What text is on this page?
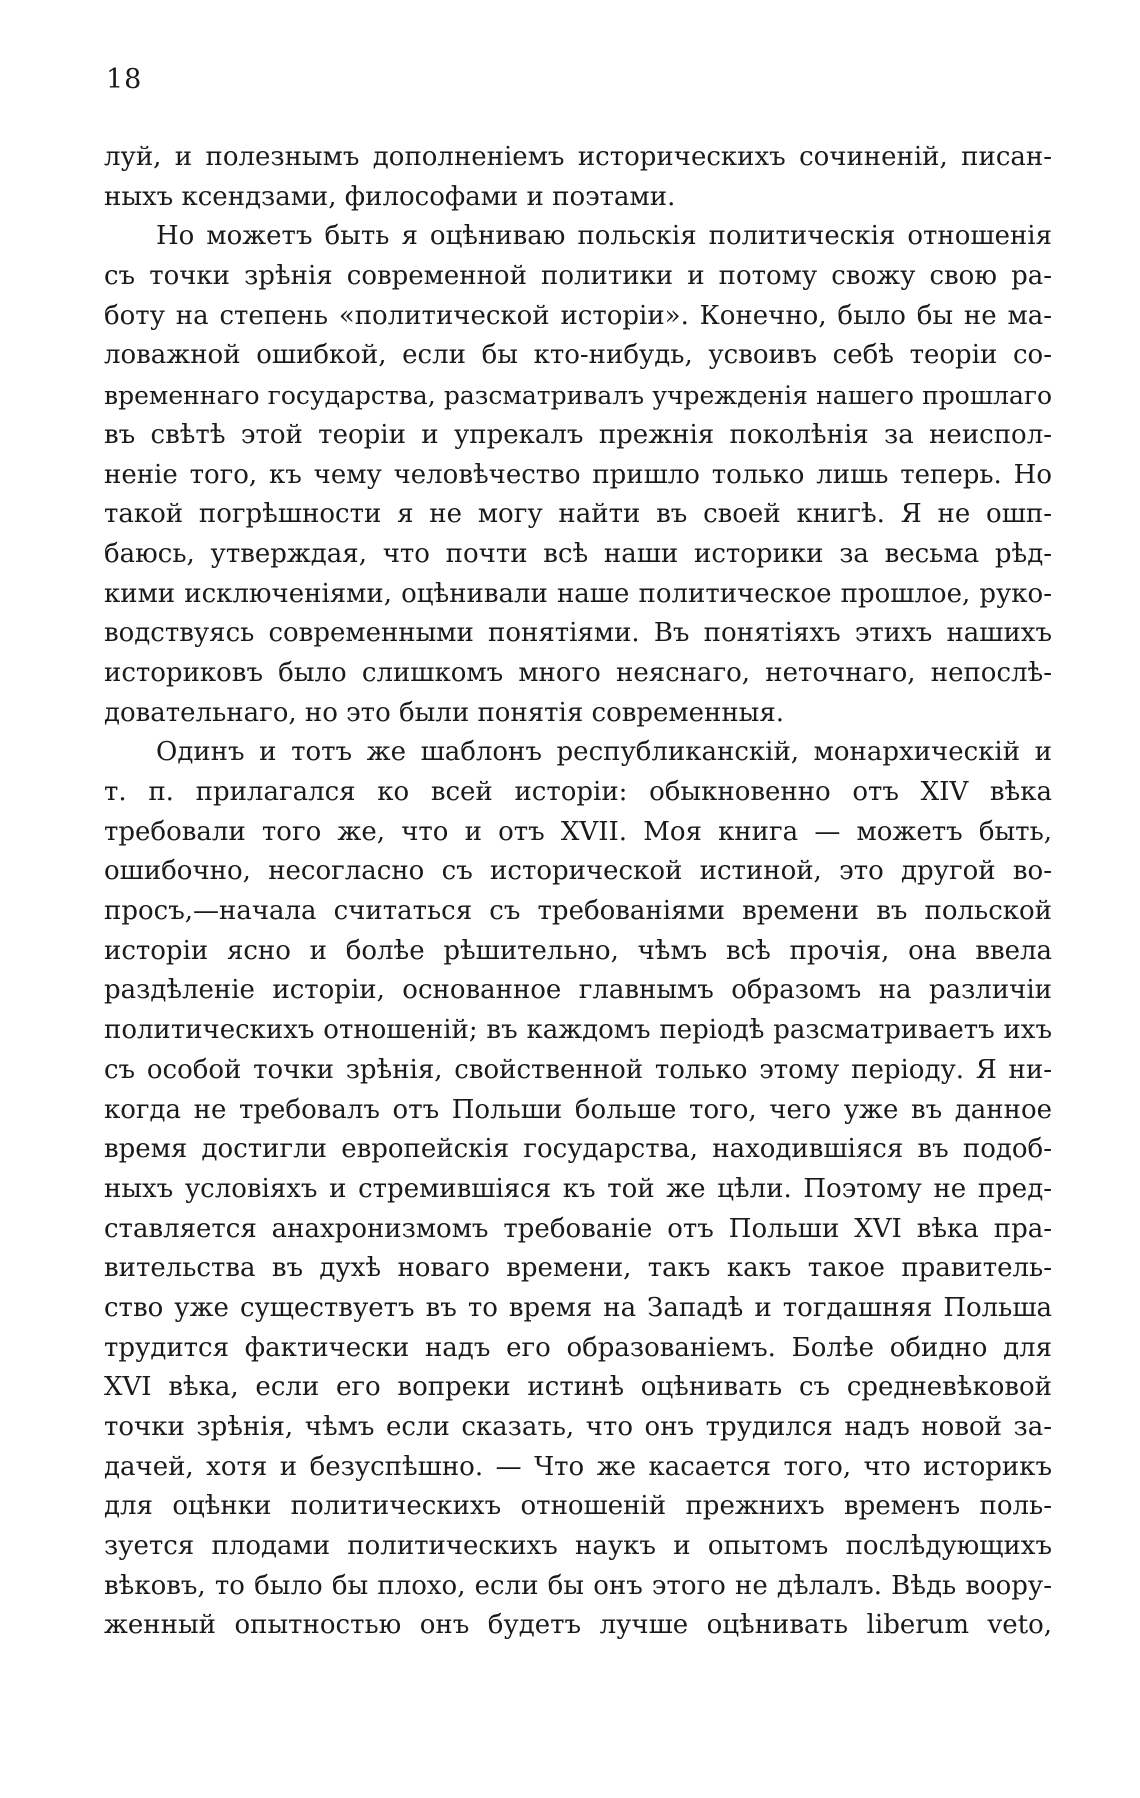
18
луй, и полезнымъ дополненіемъ историческихъ сочиненій, писан-
ныхъ ксендзами, философами и поэтами.
Но можетъ быть я оцѣниваю польскія политическія отношенія
съ точки зрѣнія современной политики и потому свожу свою ра-
боту на степень «политической исторіи». Конечно, было бы не ма-
ловажной ошибкой, если бы кто-нибудь, усвоивъ себѣ теоріи со-
временнаго государства, разсматривалъ учрежденія нашего прошлаго
въ свѣтѣ этой теоріи и упрекалъ прежнія поколѣнія за неиспол-
неніе того, къ чему человѣчество пришло только лишь теперь. Но
такой погрѣшности я не могу найти въ своей книгѣ. Я не ошп-
баюсь, утверждая, что почти всѣ наши историки за весьма рѣд-
кими исключеніями, оцѣнивали наше политическое прошлое, руко-
водствуясь современными понятіями. Въ понятіяхъ этихъ нашихъ
историковъ было слишкомъ много неяснаго, неточнаго, непослѣ-
довательнаго, но это были понятія современныя.
Одинъ и тотъ же шаблонъ республиканскій, монархическій и
т. п. прилагался ко всей исторіи: обыкновенно отъ XIV вѣка
требовали того же, что и отъ XVII. Моя книга — можетъ быть,
ошибочно, несогласно съ исторической истиной, это другой во-
просъ,—начала считаться съ требованіями времени въ польской
исторіи ясно и болѣе рѣшительно, чѣмъ всѣ прочія, она ввела
раздѣленіе исторіи, основанное главнымъ образомъ на различіи
политическихъ отношеній; въ каждомъ періодѣ разсматриваетъ ихъ
съ особой точки зрѣнія, свойственной только этому періоду. Я ни-
когда не требовалъ отъ Польши больше того, чего уже въ данное
время достигли европейскія государства, находившіяся въ подоб-
ныхъ условіяхъ и стремившіяся къ той же цѣли. Поэтому не пред-
ставляется анахронизмомъ требованіе отъ Польши XVI вѣка пра-
вительства въ духѣ новаго времени, такъ какъ такое правитель-
ство уже существуетъ въ то время на Западѣ и тогдашняя Польша
трудится фактически надъ его образованіемъ. Болѣе обидно для
XVI вѣка, если его вопреки истинѣ оцѣнивать съ средневѣковой
точки зрѣнія, чѣмъ если сказать, что онъ трудился надъ новой за-
дачей, хотя и безуспѣшно. — Что же касается того, что историкъ
для оцѣнки политическихъ отношеній прежнихъ временъ поль-
зуется плодами политическихъ наукъ и опытомъ послѣдующихъ
вѣковъ, то было бы плохо, если бы онъ этого не дѣлалъ. Вѣдь воору-
женный опытностью онъ будетъ лучше оцѣнивать liberum veto,
